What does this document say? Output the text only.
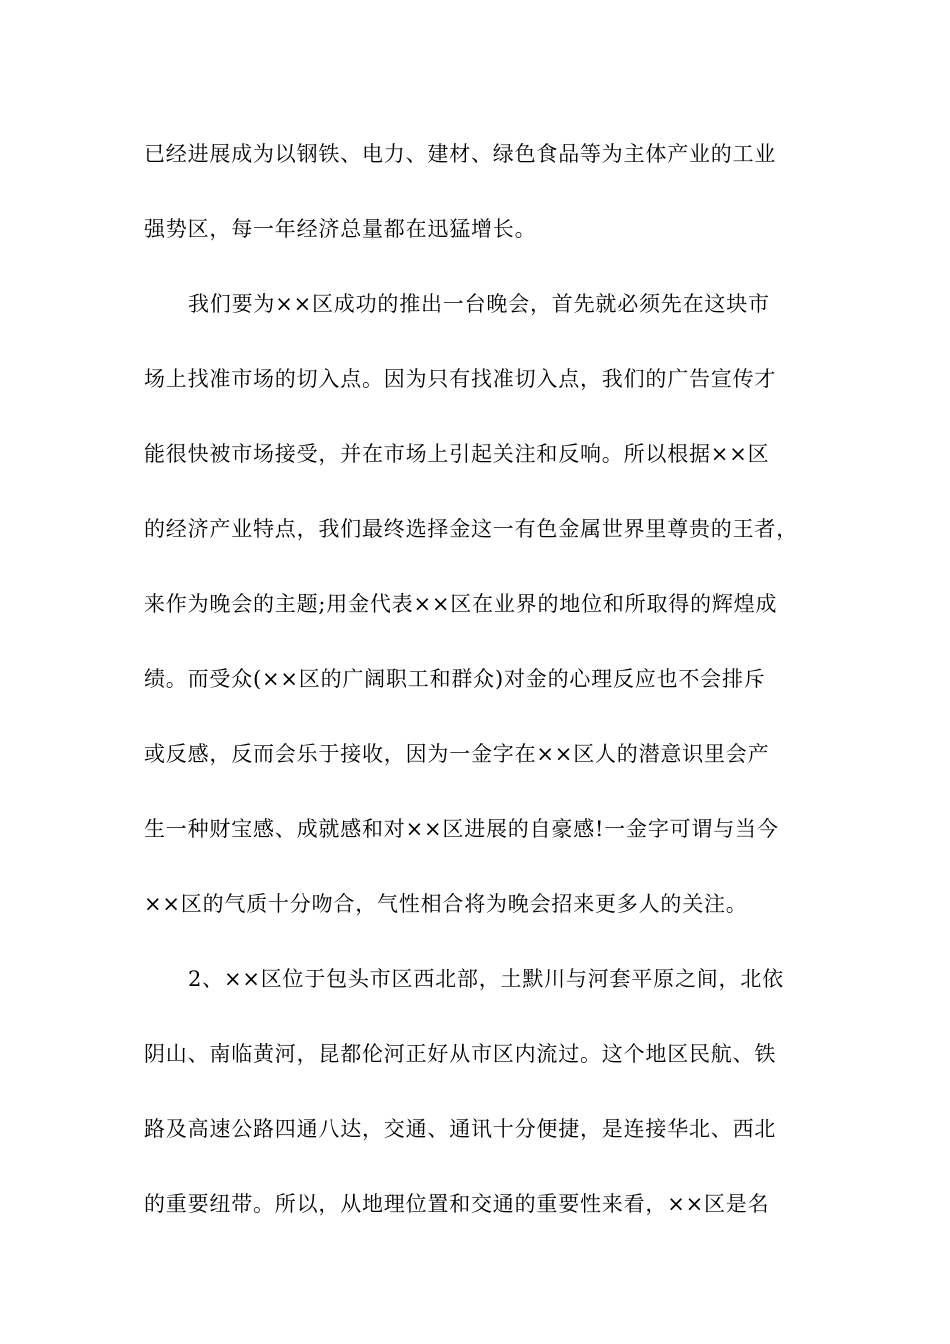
已经进展成为以钢铁、电力、建材、绿色食品等为主体产业的工业
强势区，每一年经济总量都在迅猛增长。
我们要为××区成功的推出一台晚会，首先就必须先在这块市
场上找准市场的切入点。因为只有找准切入点，我们的广告宣传才
能很快被市场接受，并在市场上引起关注和反响。所以根据××区
的经济产业特点，我们最终选择金这一有色金属世界里尊贵的王者，
来作为晚会的主题;用金代表××区在业界的地位和所取得的辉煌成
绩。而受众(××区的广阔职工和群众)对金的心理反应也不会排斥
或反感，反而会乐于接收，因为一金字在××区人的潜意识里会产
生一种财宝感、成就感和对××区进展的自豪感!一金字可谓与当今
××区的气质十分吻合，气性相合将为晚会招来更多人的关注。
2、××区位于包头市区西北部，土默川与河套平原之间，北依
阴山、南临黄河，昆都伦河正好从市区内流过。这个地区民航、铁
路及高速公路四通八达，交通、通讯十分便捷，是连接华北、西北
的重要纽带。所以，从地理位置和交通的重要性来看，××区是名
